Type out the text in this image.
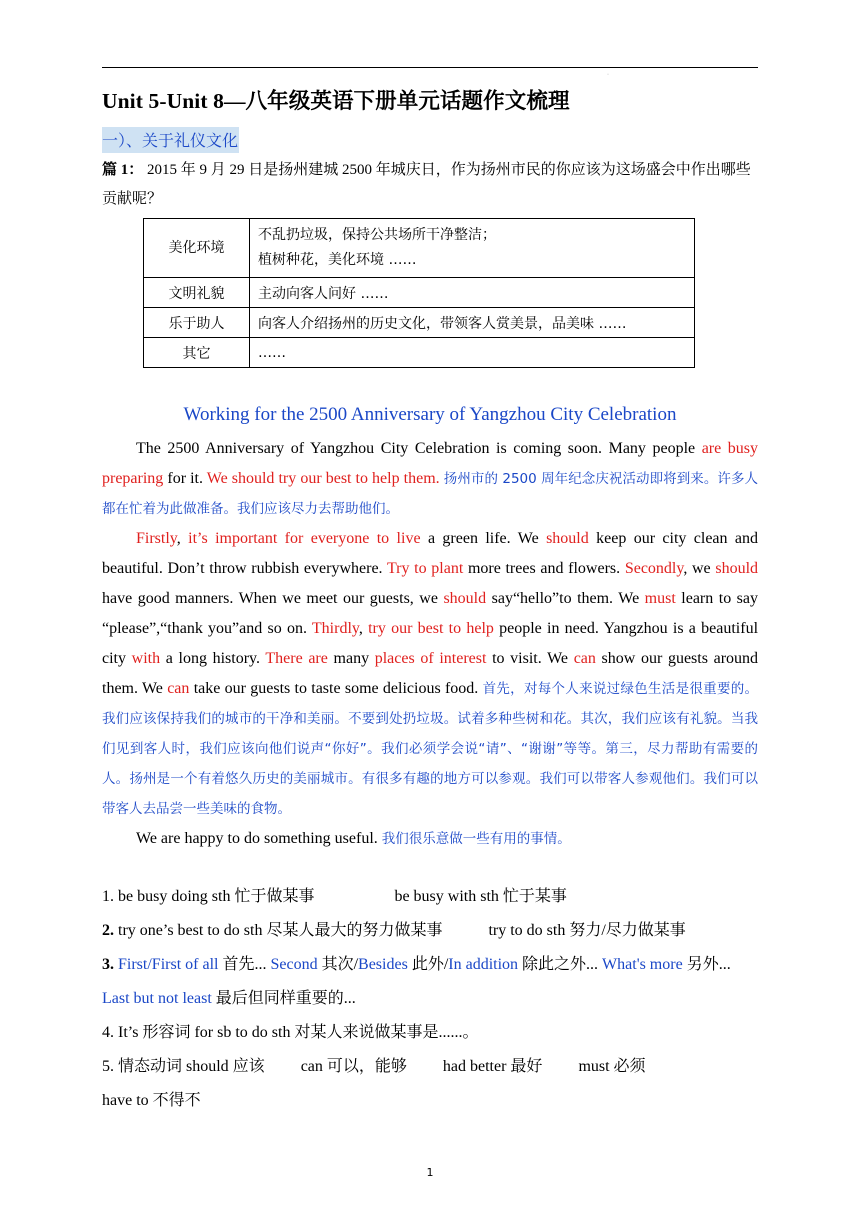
·
Unit 5-Unit 8—八年级英语下册单元话题作文梳理
一）、关于礼仪文化
篇 1： 2015 年 9 月 29 日是扬州建城 2500 年城庆日，作为扬州市民的你应该为这场盛会中作出哪些贡献呢？
美化环境	不乱扔垃圾，保持公共场所干净整洁；
植树种花，美化环境 ……

文明礼貌	主动向客人问好 ……
乐于助人	向客人介绍扬州的历史文化，带领客人赏美景，品美味 ……
其它	……
Working for the 2500 Anniversary of Yangzhou City Celebration

The 2500 Anniversary of Yangzhou City Celebration is coming soon. Many people are busy preparing for it. We should try our best to help them. 扬州市的 2500 周年纪念庆祝活动即将到来。许多人都在忙着为此做准备。我们应该尽力去帮助他们。

Firstly, it’s important for everyone to live a green life. We should keep our city clean and beautiful. Don’t throw rubbish everywhere. Try to plant more trees and flowers. Secondly, we should have good manners. When we meet our guests, we should say“hello”to them. We must learn to say “please”,“thank you”and so on. Thirdly, try our best to help people in need. Yangzhou is a beautiful city with a long history. There are many places of interest to visit. We can show our guests around them. We can take our guests to taste some delicious food. 首先，对每个人来说过绿色生活是很重要的。我们应该保持我们的城市的干净和美丽。不要到处扔垃圾。试着多种些树和花。其次，我们应该有礼貌。当我们见到客人时，我们应该向他们说声“你好”。我们必须学会说“请”、“谢谢”等等。第三，尽力帮助有需要的人。扬州是一个有着悠久历史的美丽城市。有很多有趣的地方可以参观。我们可以带客人参观他们。我们可以带客人去品尝一些美味的食物。

We are happy to do something useful. 我们很乐意做一些有用的事情。

1. be busy doing sth 忙于做某事	be busy with sth 忙于某事
2. try one’s best to do sth 尽某人最大的努力做某事	try to do sth 努力/尽力做某事
3. First/First of all 首先... Second 其次/Besides 此外/In addition 除此之外... What's more 另外... Last but not least 最后但同样重要的...
4. It’s 形容词 for sb to do sth 对某人来说做某事是......。
5. 情态动词 should 应该 can 可以，能够 had better 最好 must 必须
have to 不得不
1
